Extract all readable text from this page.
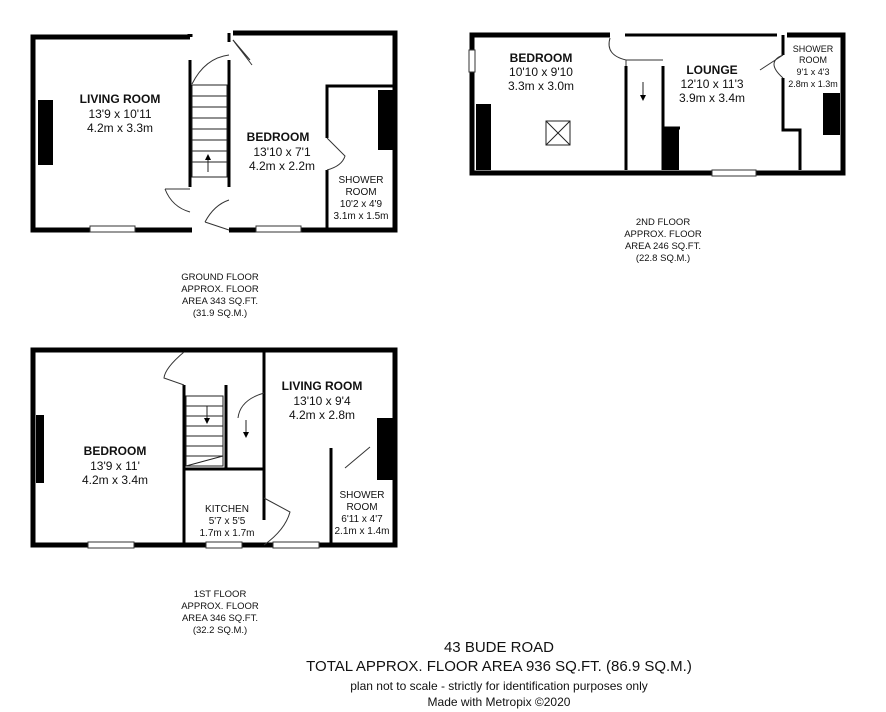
LIVING ROOM
13'9 x 10'11
4.2m x 3.3m
BEDROOM
13'10 x 7'1
4.2m x 2.2m
SHOWER
ROOM
10'2 x 4'9
3.1m x 1.5m
GROUND FLOOR
APPROX. FLOOR
AREA 343 SQ.FT.
(31.9 SQ.M.)
BEDROOM
10'10 x 9'10
3.3m x 3.0m
LOUNGE
12'10 x 11'3
3.9m x 3.4m
SHOWER
ROOM
9'1 x 4'3
2.8m x 1.3m
2ND FLOOR
APPROX. FLOOR
AREA 246 SQ.FT.
(22.8 SQ.M.)
BEDROOM
13'9 x 11'
4.2m x 3.4m
LIVING ROOM
13'10 x 9'4
4.2m x 2.8m
KITCHEN
5'7 x 5'5
1.7m x 1.7m
SHOWER
ROOM
6'11 x 4'7
2.1m x 1.4m
1ST FLOOR
APPROX. FLOOR
AREA 346 SQ.FT.
(32.2 SQ.M.)
43 BUDE ROAD
TOTAL APPROX. FLOOR AREA 936 SQ.FT. (86.9 SQ.M.)
plan not to scale - strictly for identification purposes only
Made with Metropix ©2020
